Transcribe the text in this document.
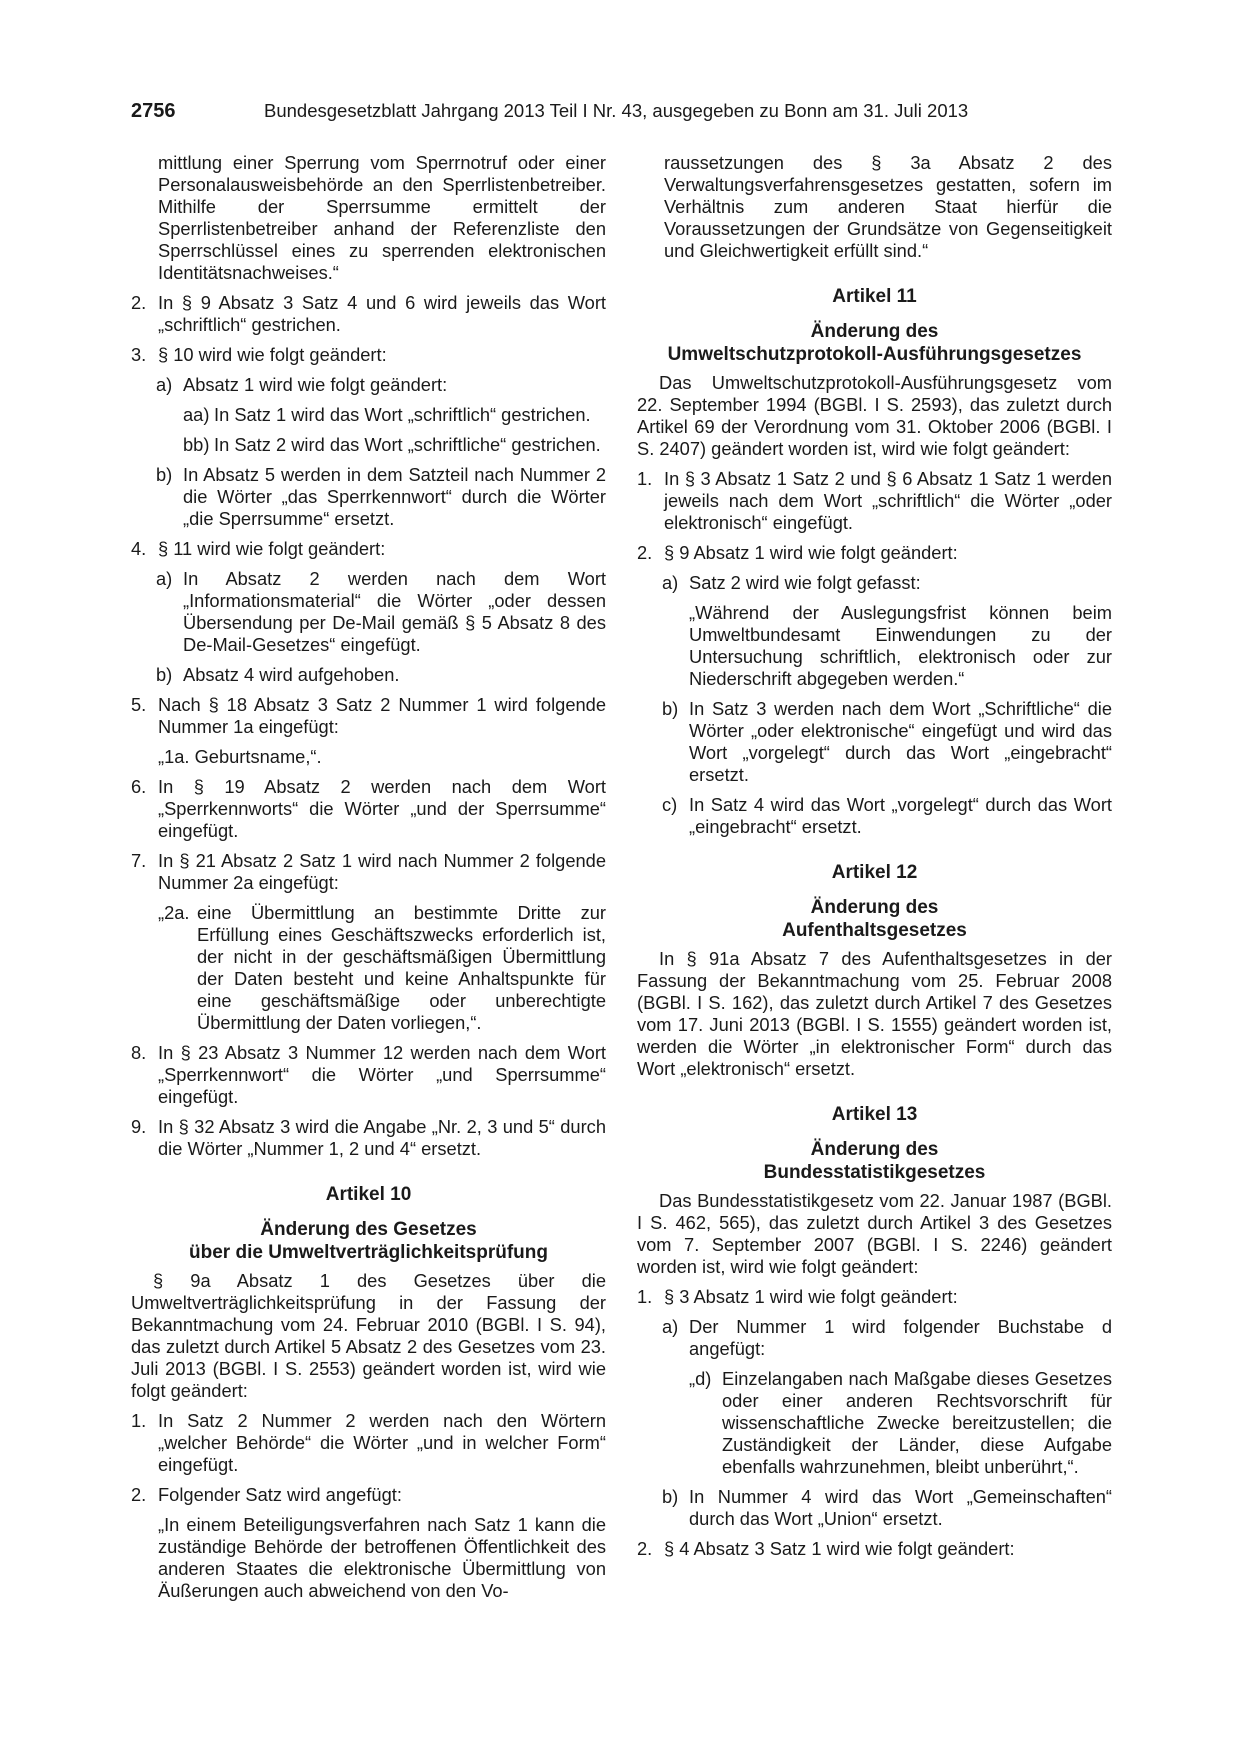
2756	Bundesgesetzblatt Jahrgang 2013 Teil I Nr. 43, ausgegeben zu Bonn am 31. Juli 2013

mittlung einer Sperrung vom Sperrnotruf oder einer Personalausweisbehörde an den Sperrlistenbetreiber. Mithilfe der Sperrsumme ermittelt der Sperrlistenbetreiber anhand der Referenzliste den Sperrschlüssel eines zu sperrenden elektronischen Identitätsnachweises.“

2. In § 9 Absatz 3 Satz 4 und 6 wird jeweils das Wort „schriftlich“ gestrichen.
3. § 10 wird wie folgt geändert:
a) Absatz 1 wird wie folgt geändert:
aa) In Satz 1 wird das Wort „schriftlich“ gestrichen.
bb) In Satz 2 wird das Wort „schriftliche“ gestrichen.
b) In Absatz 5 werden in dem Satzteil nach Nummer 2 die Wörter „das Sperrkennwort“ durch die Wörter „die Sperrsumme“ ersetzt.
4. § 11 wird wie folgt geändert:
a) In Absatz 2 werden nach dem Wort „Informationsmaterial“ die Wörter „oder dessen Übersendung per De-Mail gemäß § 5 Absatz 8 des De-Mail-Gesetzes“ eingefügt.
b) Absatz 4 wird aufgehoben.
5. Nach § 18 Absatz 3 Satz 2 Nummer 1 wird folgende Nummer 1a eingefügt:

„1a. Geburtsname,“.

6. In § 19 Absatz 2 werden nach dem Wort „Sperrkennworts“ die Wörter „und der Sperrsumme“ eingefügt.
7. In § 21 Absatz 2 Satz 1 wird nach Nummer 2 folgende Nummer 2a eingefügt:
„2a. eine Übermittlung an bestimmte Dritte zur Erfüllung eines Geschäftszwecks erforderlich ist, der nicht in der geschäftsmäßigen Übermittlung der Daten besteht und keine Anhaltspunkte für eine geschäftsmäßige oder unberechtigte Übermittlung der Daten vorliegen,“.
8. In § 23 Absatz 3 Nummer 12 werden nach dem Wort „Sperrkennwort“ die Wörter „und Sperrsumme“ eingefügt.
9. In § 32 Absatz 3 wird die Angabe „Nr. 2, 3 und 5“ durch die Wörter „Nummer 1, 2 und 4“ ersetzt.
Artikel 10
Änderung des Gesetzes
über die Umweltverträglichkeitsprüfung

§ 9a Absatz 1 des Gesetzes über die Umweltverträglichkeitsprüfung in der Fassung der Bekanntmachung vom 24. Februar 2010 (BGBl. I S. 94), das zuletzt durch Artikel 5 Absatz 2 des Gesetzes vom 23. Juli 2013 (BGBl. I S. 2553) geändert worden ist, wird wie folgt geändert:

1. In Satz 2 Nummer 2 werden nach den Wörtern „welcher Behörde“ die Wörter „und in welcher Form“ eingefügt.
2. Folgender Satz wird angefügt:

„In einem Beteiligungsverfahren nach Satz 1 kann die zuständige Behörde der betroffenen Öffentlichkeit des anderen Staates die elektronische Übermittlung von Äußerungen auch abweichend von den Vo-

raussetzungen des § 3a Absatz 2 des Verwaltungsverfahrensgesetzes gestatten, sofern im Verhältnis zum anderen Staat hierfür die Voraussetzungen der Grundsätze von Gegenseitigkeit und Gleichwertigkeit erfüllt sind.“

Artikel 11
Änderung des
Umweltschutzprotokoll-Ausführungsgesetzes

Das Umweltschutzprotokoll-Ausführungsgesetz vom 22. September 1994 (BGBl. I S. 2593), das zuletzt durch Artikel 69 der Verordnung vom 31. Oktober 2006 (BGBl. I S. 2407) geändert worden ist, wird wie folgt geändert:

1. In § 3 Absatz 1 Satz 2 und § 6 Absatz 1 Satz 1 werden jeweils nach dem Wort „schriftlich“ die Wörter „oder elektronisch“ eingefügt.
2. § 9 Absatz 1 wird wie folgt geändert:
a) Satz 2 wird wie folgt gefasst:

„Während der Auslegungsfrist können beim Umweltbundesamt Einwendungen zu der Untersuchung schriftlich, elektronisch oder zur Niederschrift abgegeben werden.“

b) In Satz 3 werden nach dem Wort „Schriftliche“ die Wörter „oder elektronische“ eingefügt und wird das Wort „vorgelegt“ durch das Wort „eingebracht“ ersetzt.
c) In Satz 4 wird das Wort „vorgelegt“ durch das Wort „eingebracht“ ersetzt.
Artikel 12
Änderung des
Aufenthaltsgesetzes

In § 91a Absatz 7 des Aufenthaltsgesetzes in der Fassung der Bekanntmachung vom 25. Februar 2008 (BGBl. I S. 162), das zuletzt durch Artikel 7 des Gesetzes vom 17. Juni 2013 (BGBl. I S. 1555) geändert worden ist, werden die Wörter „in elektronischer Form“ durch das Wort „elektronisch“ ersetzt.

Artikel 13
Änderung des
Bundesstatistikgesetzes

Das Bundesstatistikgesetz vom 22. Januar 1987 (BGBl. I S. 462, 565), das zuletzt durch Artikel 3 des Gesetzes vom 7. September 2007 (BGBl. I S. 2246) geändert worden ist, wird wie folgt geändert:

1. § 3 Absatz 1 wird wie folgt geändert:
a) Der Nummer 1 wird folgender Buchstabe d angefügt:
„d) Einzelangaben nach Maßgabe dieses Gesetzes oder einer anderen Rechtsvorschrift für wissenschaftliche Zwecke bereitzustellen; die Zuständigkeit der Länder, diese Aufgabe ebenfalls wahrzunehmen, bleibt unberührt,“.
b) In Nummer 4 wird das Wort „Gemeinschaften“ durch das Wort „Union“ ersetzt.
2. § 4 Absatz 3 Satz 1 wird wie folgt geändert:
